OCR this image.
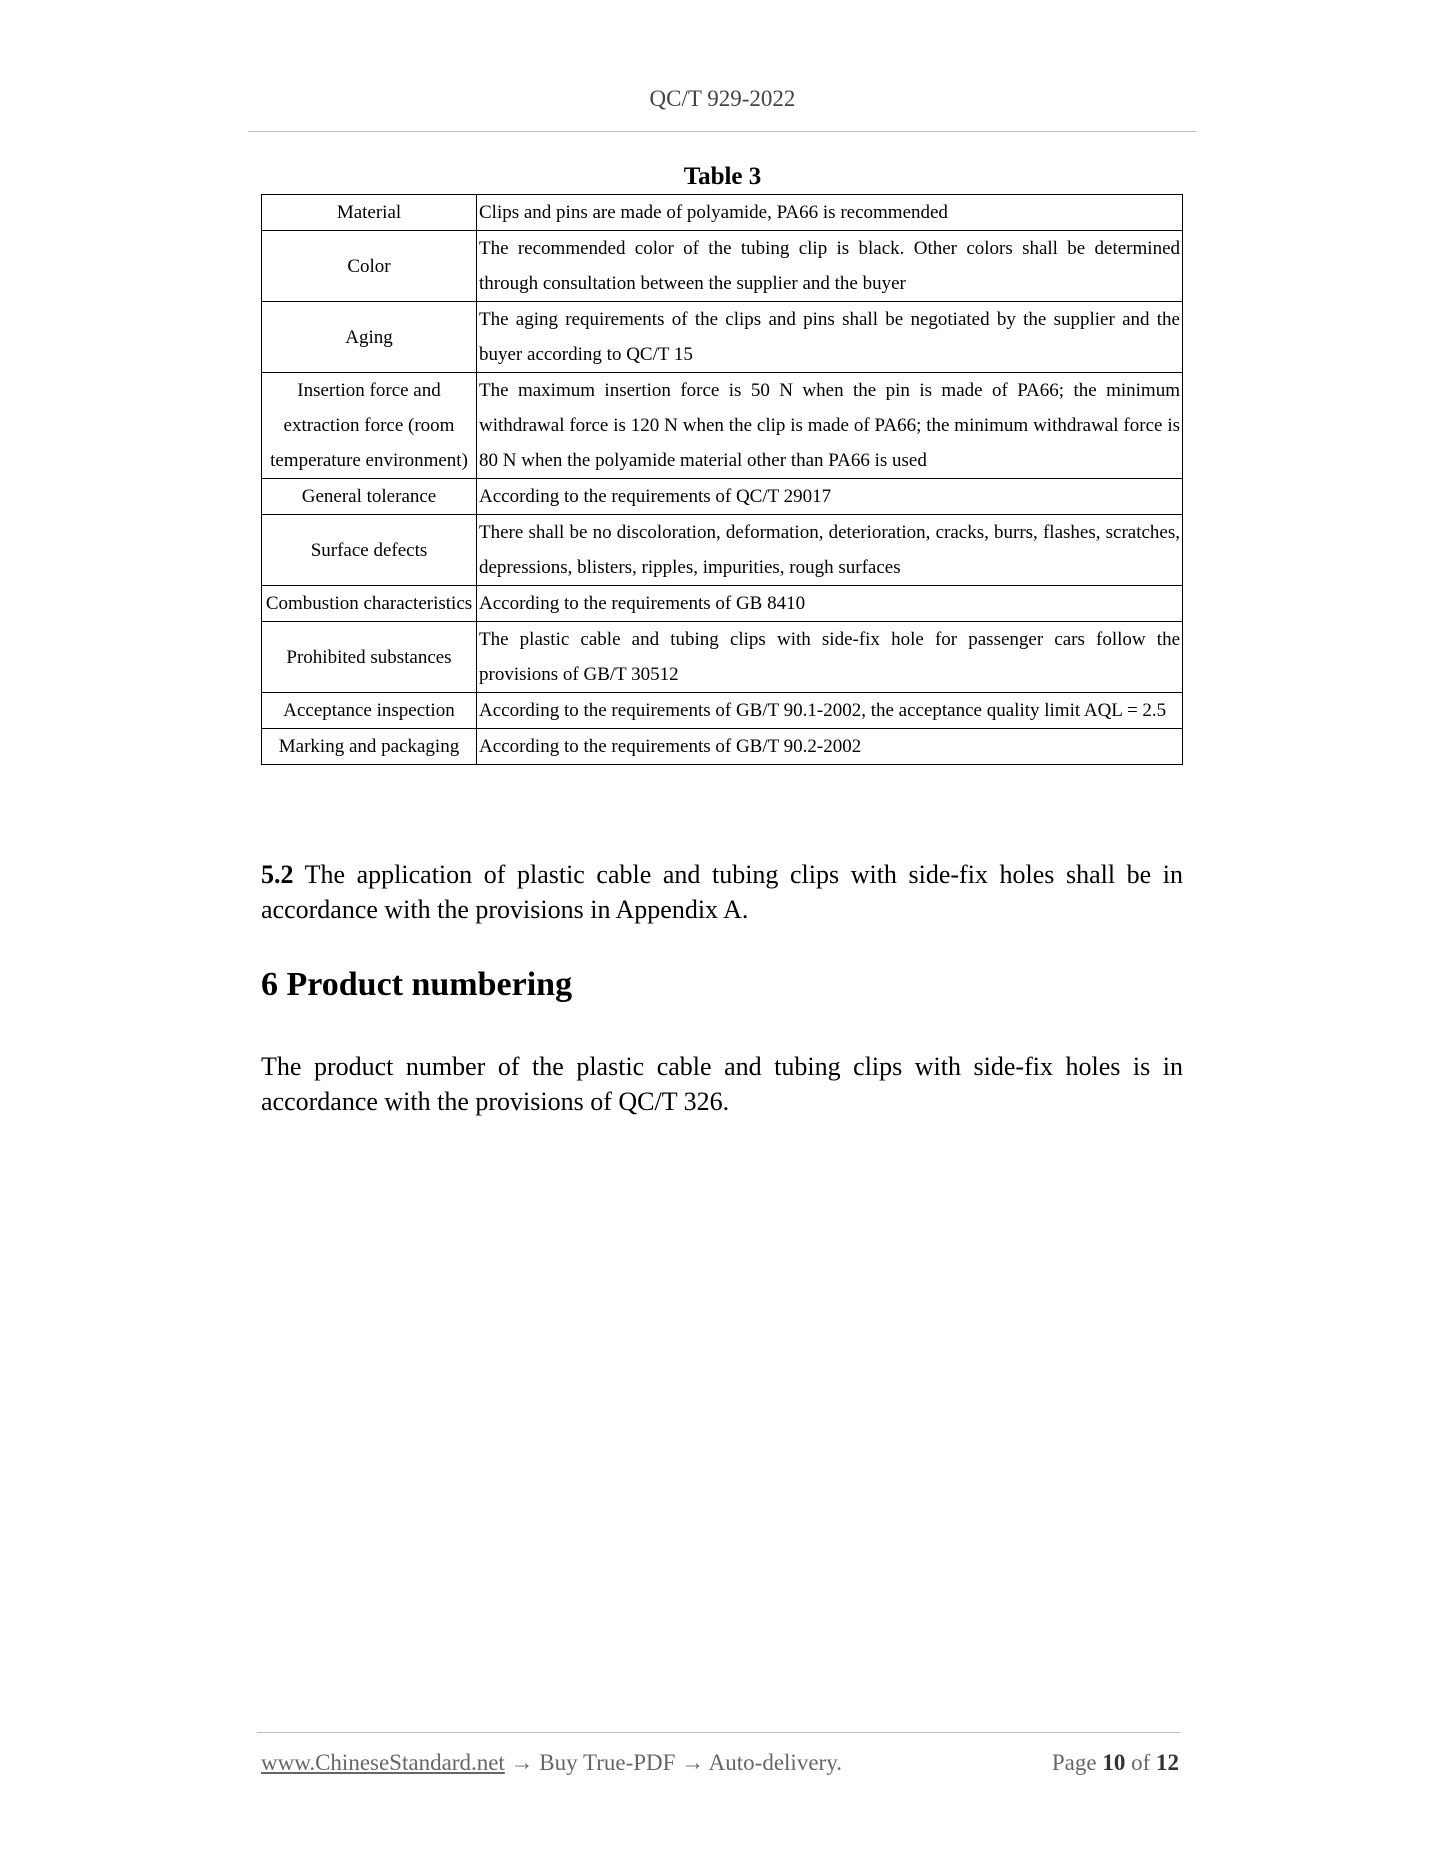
QC/T 929-2022
Table 3
Material	Clips and pins are made of polyamide, PA66 is recommended
Color	The recommended color of the tubing clip is black. Other colors shall be determined through consultation between the supplier and the buyer
Aging	The aging requirements of the clips and pins shall be negotiated by the supplier and the buyer according to QC/T 15
Insertion force and extraction force (room temperature environment)	The maximum insertion force is 50 N when the pin is made of PA66; the minimum withdrawal force is 120 N when the clip is made of PA66; the minimum withdrawal force is 80 N when the polyamide material other than PA66 is used
General tolerance	According to the requirements of QC/T 29017
Surface defects	There shall be no discoloration, deformation, deterioration, cracks, burrs, flashes, scratches, depressions, blisters, ripples, impurities, rough surfaces
Combustion characteristics	According to the requirements of GB 8410
Prohibited substances	The plastic cable and tubing clips with side-fix hole for passenger cars follow the provisions of GB/T 30512
Acceptance inspection	According to the requirements of GB/T 90.1-2002, the acceptance quality limit AQL = 2.5
Marking and packaging	According to the requirements of GB/T 90.2-2002

5.2 The application of plastic cable and tubing clips with side-fix holes shall be in accordance with the provisions in Appendix A.

6 Product numbering

The product number of the plastic cable and tubing clips with side-fix holes is in accordance with the provisions of QC/T 326.

www.ChineseStandard.net → Buy True-PDF → Auto-delivery.	Page 10 of 12
